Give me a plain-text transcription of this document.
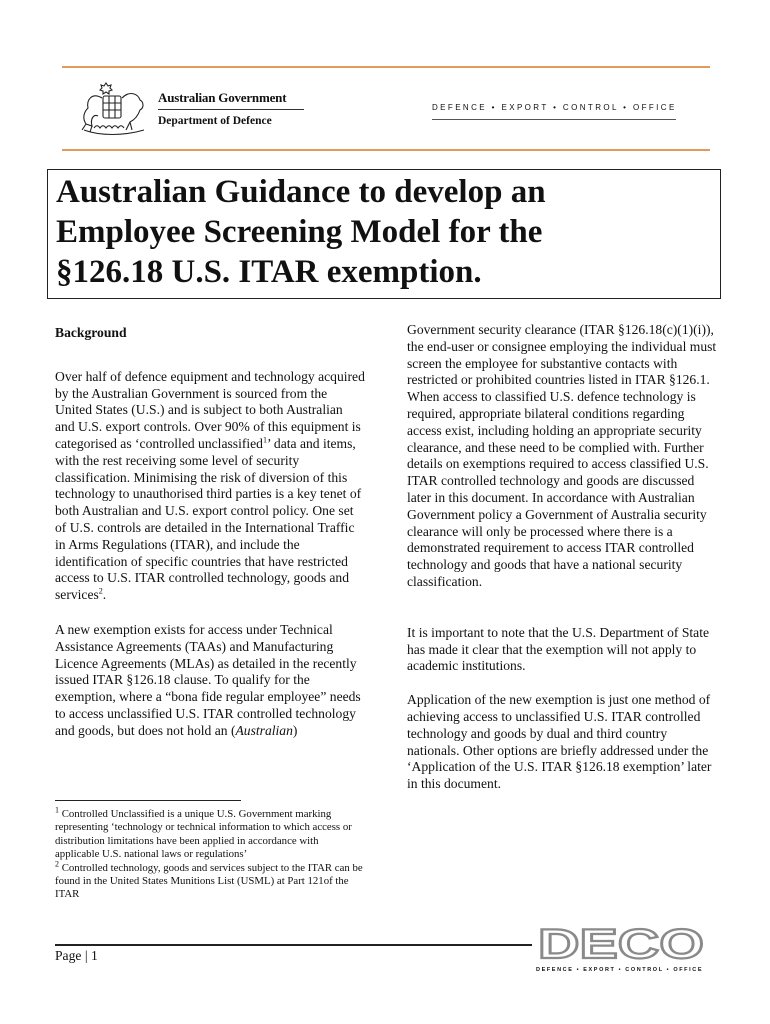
Australian Government
Department of Defence
DEFENCE • EXPORT • CONTROL • OFFICE
Australian Guidance to develop an
Employee Screening Model for the
§126.18 U.S. ITAR exemption.

Background

Over half of defence equipment and technology acquired by the Australian Government is sourced from the United States (U.S.) and is subject to both Australian and U.S. export controls. Over 90% of this equipment is categorised as ‘controlled unclassified$^1$’ data and items, with the rest receiving some level of security classification. Minimising the risk of diversion of this technology to unauthorised third parties is a key tenet of both Australian and U.S. export control policy. One set of U.S. controls are detailed in the International Traffic in Arms Regulations (ITAR), and include the identification of specific countries that have restricted access to U.S. ITAR controlled technology, goods and services$^2$.

A new exemption exists for access under Technical Assistance Agreements (TAAs) and Manufacturing Licence Agreements (MLAs) as detailed in the recently issued ITAR §126.18 clause. To qualify for the exemption, where a “bona fide regular employee” needs to access unclassified U.S. ITAR controlled technology and goods, but does not hold an (Australian)

Government security clearance (ITAR §126.18(c)(1)(i)), the end-user or consignee employing the individual must screen the employee for substantive contacts with restricted or prohibited countries listed in ITAR §126.1. When access to classified U.S. defence technology is required, appropriate bilateral conditions regarding access exist, including holding an appropriate security clearance, and these need to be complied with. Further details on exemptions required to access classified U.S. ITAR controlled technology and goods are discussed later in this document. In accordance with Australian Government policy a Government of Australia security clearance will only be processed where there is a demonstrated requirement to access ITAR controlled technology and goods that have a national security classification.

It is important to note that the U.S. Department of State has made it clear that the exemption will not apply to academic institutions.

Application of the new exemption is just one method of achieving access to unclassified U.S. ITAR controlled technology and goods by dual and third country nationals. Other options are briefly addressed under the ‘Application of the U.S. ITAR §126.18 exemption’ later in this document.

$^1$ Controlled Unclassified is a unique U.S. Government marking representing ‘technology or technical information to which access or distribution limitations have been applied in accordance with applicable U.S. national laws or regulations’

$^2$ Controlled technology, goods and services subject to the ITAR can be found in the United States Munitions List (USML) at Part 121of the ITAR

Page | 1	DECO
DEFENCE • EXPORT • CONTROL • OFFICE
